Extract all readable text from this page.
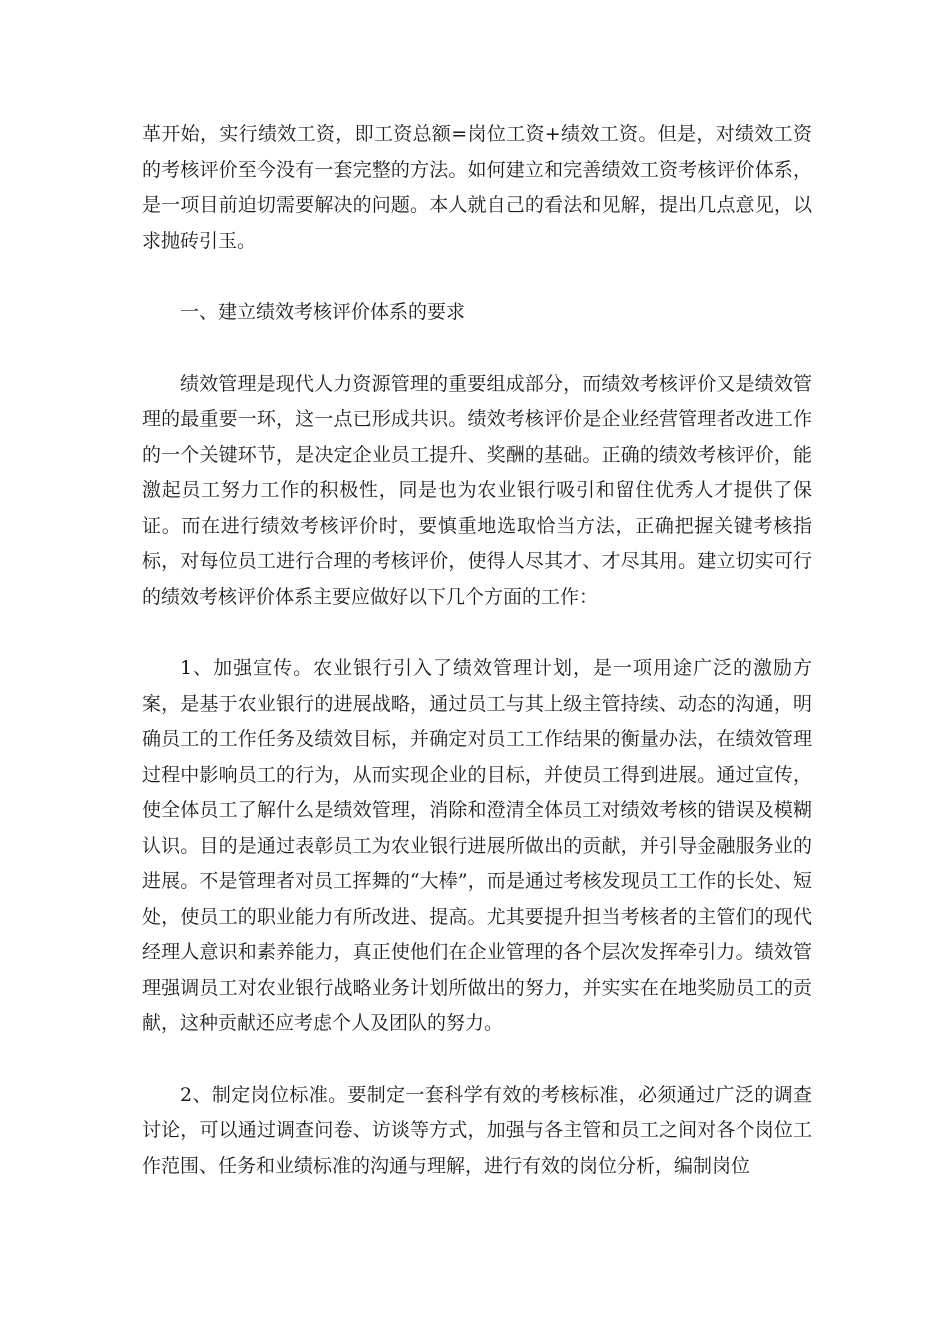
革开始，实行绩效工资，即工资总额=岗位工资+绩效工资。但是，对绩效工资的考核评价至今没有一套完整的方法。如何建立和完善绩效工资考核评价体系，是一项目前迫切需要解决的问题。本人就自己的看法和见解，提出几点意见，以求抛砖引玉。

一、建立绩效考核评价体系的要求

绩效管理是现代人力资源管理的重要组成部分，而绩效考核评价又是绩效管理的最重要一环，这一点已形成共识。绩效考核评价是企业经营管理者改进工作的一个关键环节，是决定企业员工提升、奖酬的基础。正确的绩效考核评价，能激起员工努力工作的积极性，同是也为农业银行吸引和留住优秀人才提供了保证。而在进行绩效考核评价时，要慎重地选取恰当方法，正确把握关键考核指标，对每位员工进行合理的考核评价，使得人尽其才、才尽其用。建立切实可行的绩效考核评价体系主要应做好以下几个方面的工作：

1、加强宣传。农业银行引入了绩效管理计划，是一项用途广泛的激励方案，是基于农业银行的进展战略，通过员工与其上级主管持续、动态的沟通，明确员工的工作任务及绩效目标，并确定对员工工作结果的衡量办法，在绩效管理过程中影响员工的行为，从而实现企业的目标，并使员工得到进展。通过宣传，使全体员工了解什么是绩效管理，消除和澄清全体员工对绩效考核的错误及模糊认识。目的是通过表彰员工为农业银行进展所做出的贡献，并引导金融服务业的进展。不是管理者对员工挥舞的“大棒”，而是通过考核发现员工工作的长处、短处，使员工的职业能力有所改进、提高。尤其要提升担当考核者的主管们的现代经理人意识和素养能力，真正使他们在企业管理的各个层次发挥牵引力。绩效管理强调员工对农业银行战略业务计划所做出的努力，并实实在在地奖励员工的贡献，这种贡献还应考虑个人及团队的努力。

2、制定岗位标准。要制定一套科学有效的考核标准，必须通过广泛的调查讨论，可以通过调查问卷、访谈等方式，加强与各主管和员工之间对各个岗位工作范围、任务和业绩标准的沟通与理解，进行有效的岗位分析，编制岗位
